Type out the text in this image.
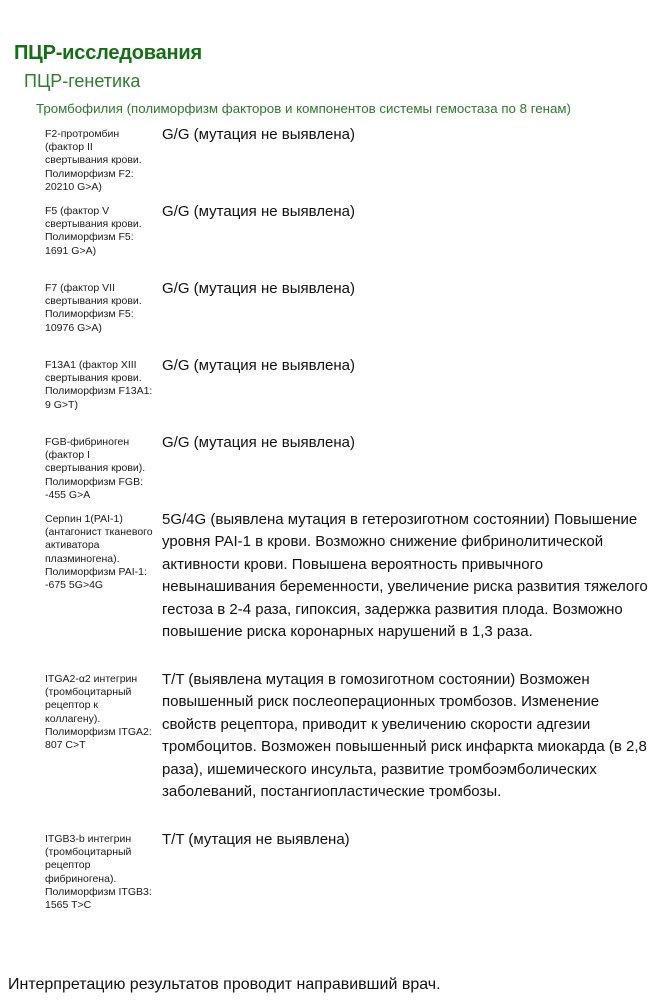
ПЦР-исследования
ПЦР-генетика
Тромбофилия (полиморфизм факторов и компонентов системы гемостаза по 8 генам)
F2-протромбин (фактор II свертывания крови. Полиморфизм F2: 20210 G>A)
G/G (мутация не выявлена)
F5 (фактор V свертывания крови. Полиморфизм F5: 1691 G>A)
G/G (мутация не выявлена)
F7 (фактор VII свертывания крови. Полиморфизм F5: 10976 G>A)
G/G (мутация не выявлена)
F13A1 (фактор XIII свертывания крови. Полиморфизм F13A1: 9 G>T)
G/G (мутация не выявлена)
FGB-фибриноген (фактор I свертывания крови). Полиморфизм FGB: -455 G>A
G/G (мутация не выявлена)
Серпин 1(PAI-1) (антагонист тканевого активатора плазминогена). Полиморфизм PAI-1: -675 5G>4G
5G/4G (выявлена мутация в гетерозиготном состоянии) Повышение уровня PAI-1 в крови. Возможно снижение фибринолитической активности крови. Повышена вероятность привычного невынашивания беременности, увеличение риска развития тяжелого гестоза в 2-4 раза, гипоксия, задержка развития плода. Возможно повышение риска коронарных нарушений в 1,3 раза.
ITGA2-α2 интегрин (тромбоцитарный рецептор к коллагену). Полиморфизм ITGA2: 807 C>T
T/T (выявлена мутация в гомозиготном состоянии) Возможен повышенный риск послеоперационных тромбозов. Изменение свойств рецептора, приводит к увеличению скорости адгезии тромбоцитов. Возможен повышенный риск инфаркта миокарда (в 2,8 раза), ишемического инсульта, развитие тромбоэмболических заболеваний, постангиопластические тромбозы.
ITGB3-b интегрин (тромбоцитарный рецептор фибриногена). Полиморфизм ITGB3: 1565 T>C
T/T (мутация не выявлена)
Интерпретацию результатов проводит направивший врач.
